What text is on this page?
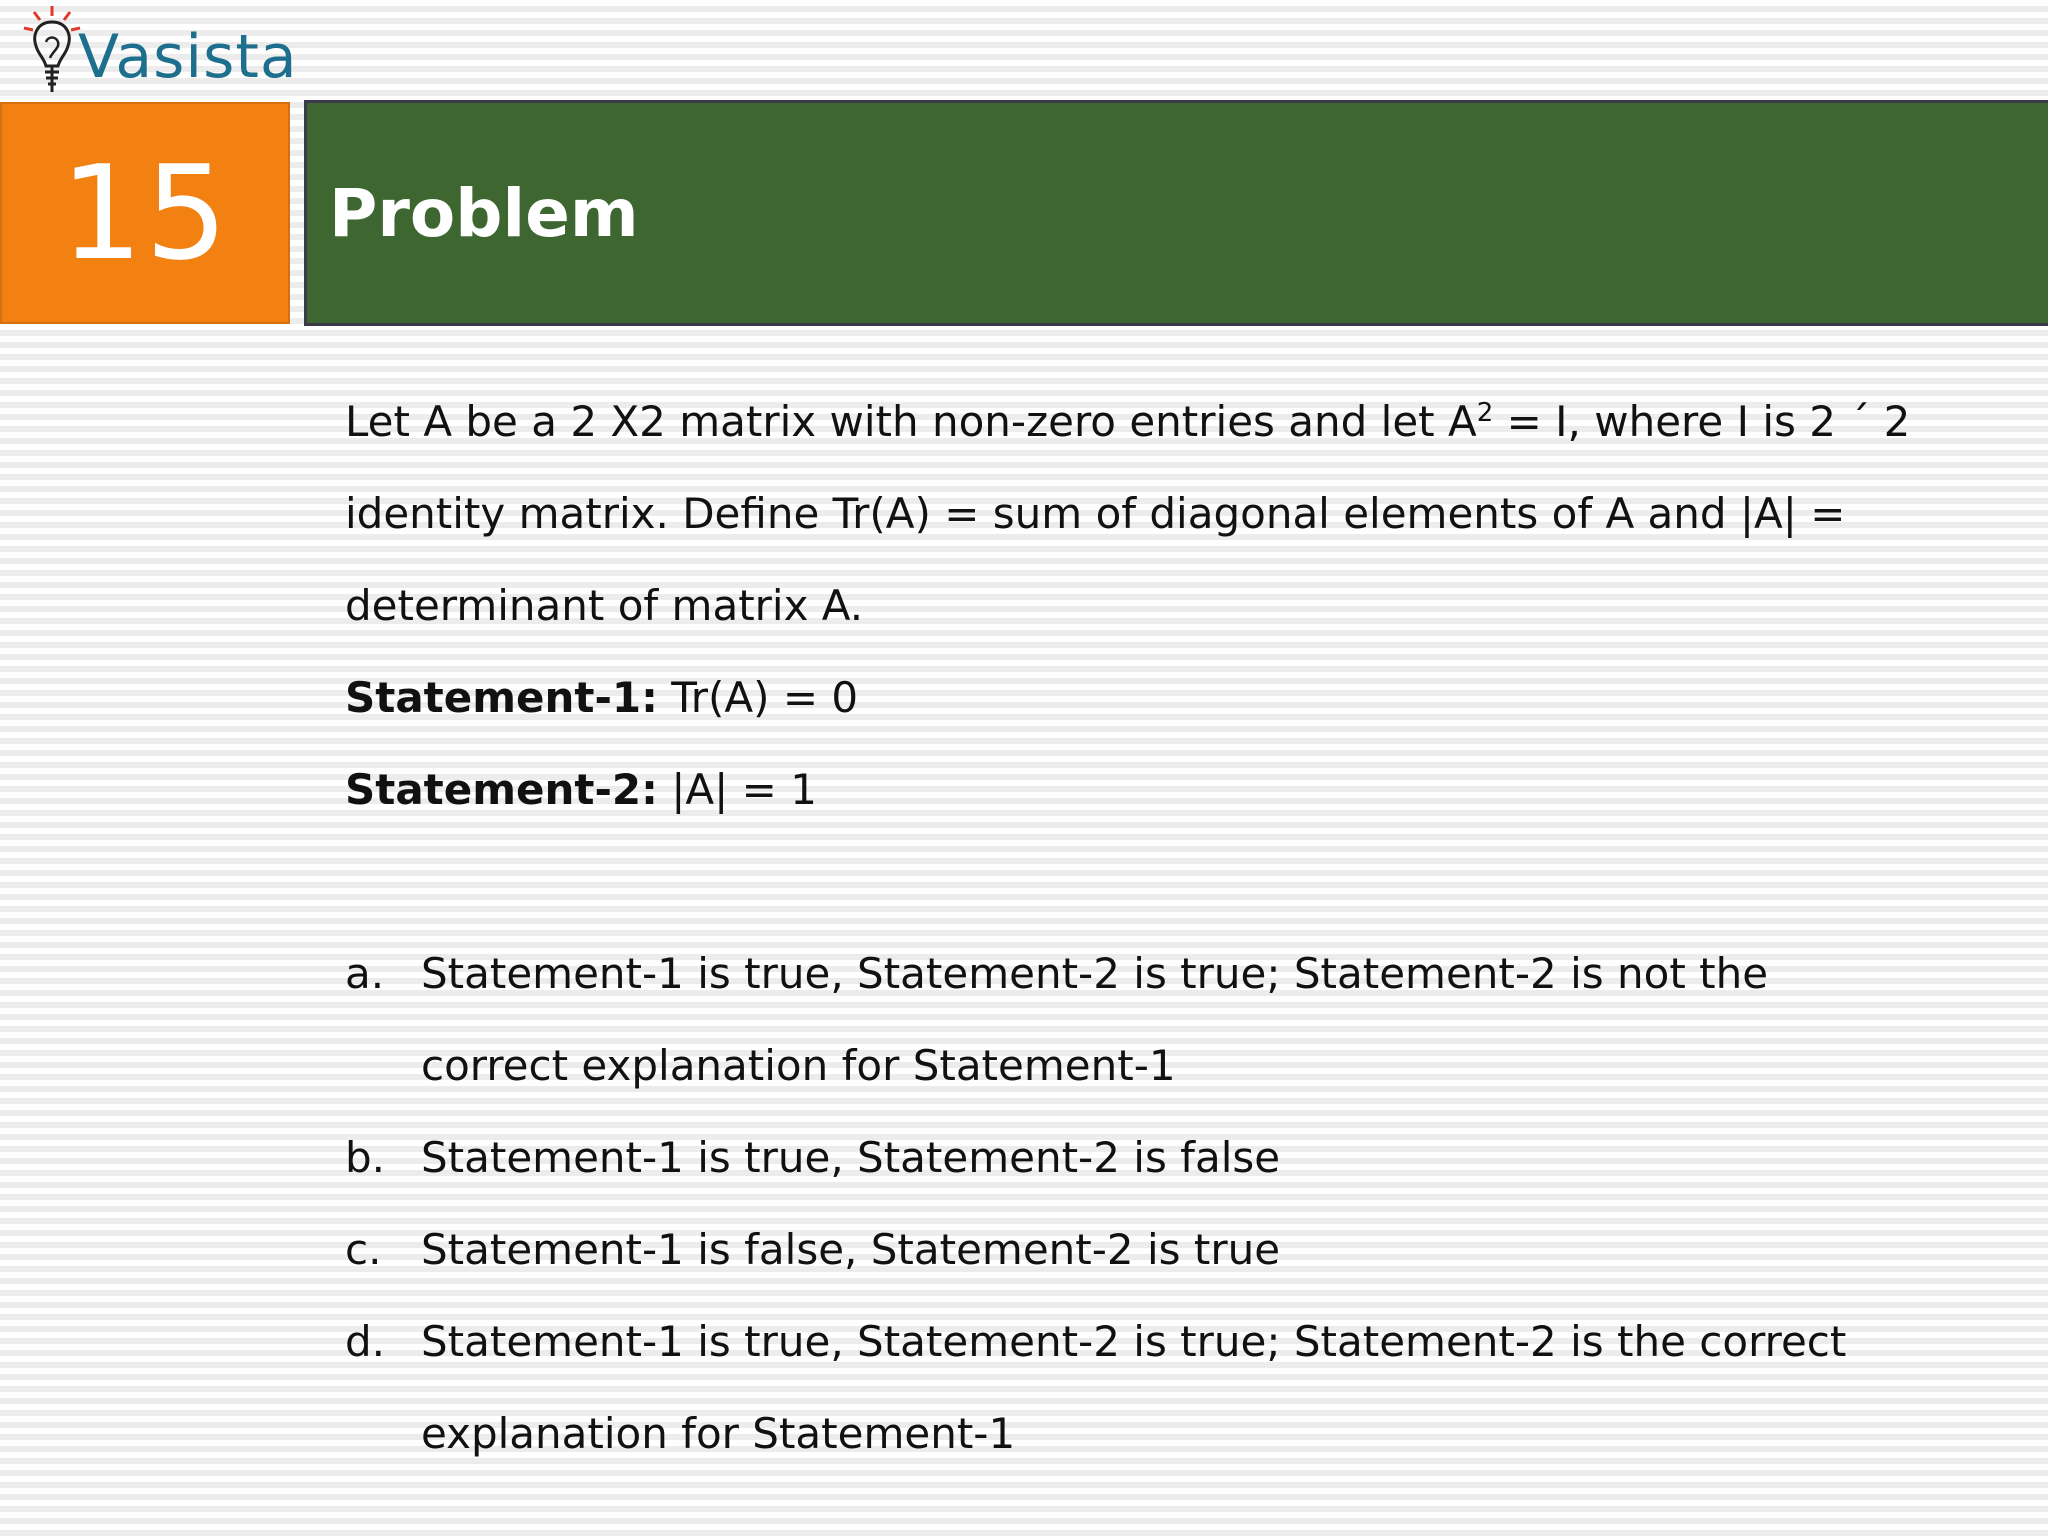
Vasista
15 Problem
Let A be a 2 X2 matrix with non-zero entries and let $A^2 = I$, where I is 2 ´ 2
identity matrix. Define Tr(A) = sum of diagonal elements of A and |A| =
determinant of matrix A.
Statement-1: Tr(A) = 0
Statement-2: |A| = 1
a. Statement-1 is true, Statement-2 is true; Statement-2 is not the
correct explanation for Statement-1
b. Statement-1 is true, Statement-2 is false
c. Statement-1 is false, Statement-2 is true
d. Statement-1 is true, Statement-2 is true; Statement-2 is the correct
explanation for Statement-1
